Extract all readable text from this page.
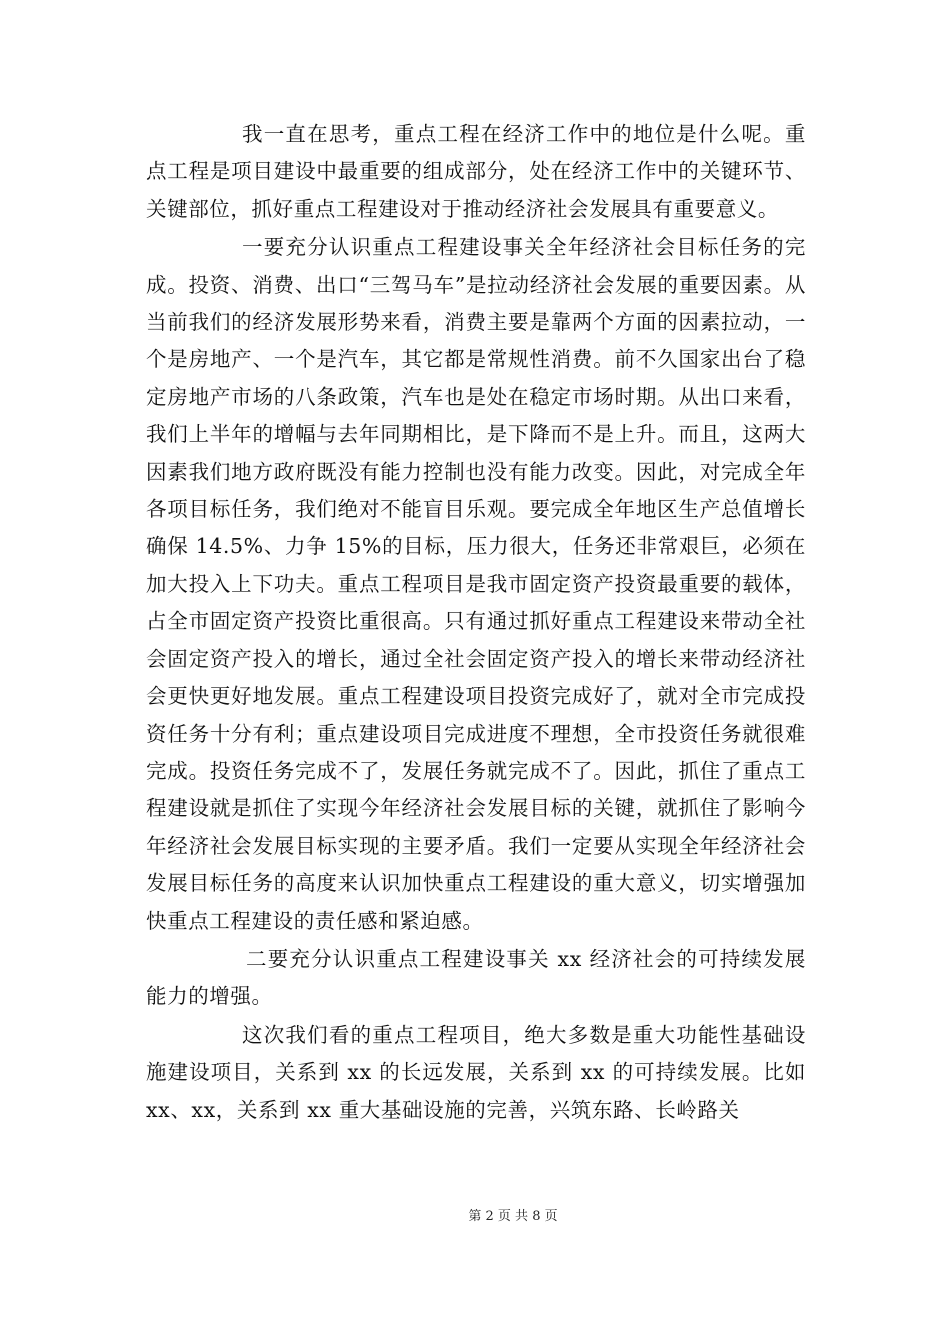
我一直在思考，重点工程在经济工作中的地位是什么呢。重点工程是项目建设中最重要的组成部分，处在经济工作中的关键环节、关键部位，抓好重点工程建设对于推动经济社会发展具有重要意义。

一要充分认识重点工程建设事关全年经济社会目标任务的完成。投资、消费、出口“三驾马车”是拉动经济社会发展的重要因素。从当前我们的经济发展形势来看，消费主要是靠两个方面的因素拉动，一个是房地产、一个是汽车，其它都是常规性消费。前不久国家出台了稳定房地产市场的八条政策，汽车也是处在稳定市场时期。从出口来看，我们上半年的增幅与去年同期相比，是下降而不是上升。而且，这两大因素我们地方政府既没有能力控制也没有能力改变。因此，对完成全年各项目标任务，我们绝对不能盲目乐观。要完成全年地区生产总值增长确保 14.5%、力争 15%的目标，压力很大，任务还非常艰巨，必须在加大投入上下功夫。重点工程项目是我市固定资产投资最重要的载体，占全市固定资产投资比重很高。只有通过抓好重点工程建设来带动全社会固定资产投入的增长，通过全社会固定资产投入的增长来带动经济社会更快更好地发展。重点工程建设项目投资完成好了，就对全市完成投资任务十分有利；重点建设项目完成进度不理想，全市投资任务就很难完成。投资任务完成不了，发展任务就完成不了。因此，抓住了重点工程建设就是抓住了实现今年经济社会发展目标的关键，就抓住了影响今年经济社会发展目标实现的主要矛盾。我们一定要从实现全年经济社会发展目标任务的高度来认识加快重点工程建设的重大意义，切实增强加快重点工程建设的责任感和紧迫感。

二要充分认识重点工程建设事关 xx 经济社会的可持续发展能力的增强。

这次我们看的重点工程项目，绝大多数是重大功能性基础设施建设项目，关系到 xx 的长远发展，关系到 xx 的可持续发展。比如 xx、xx，关系到 xx 重大基础设施的完善，兴筑东路、长岭路关

第 2 页 共 8 页
